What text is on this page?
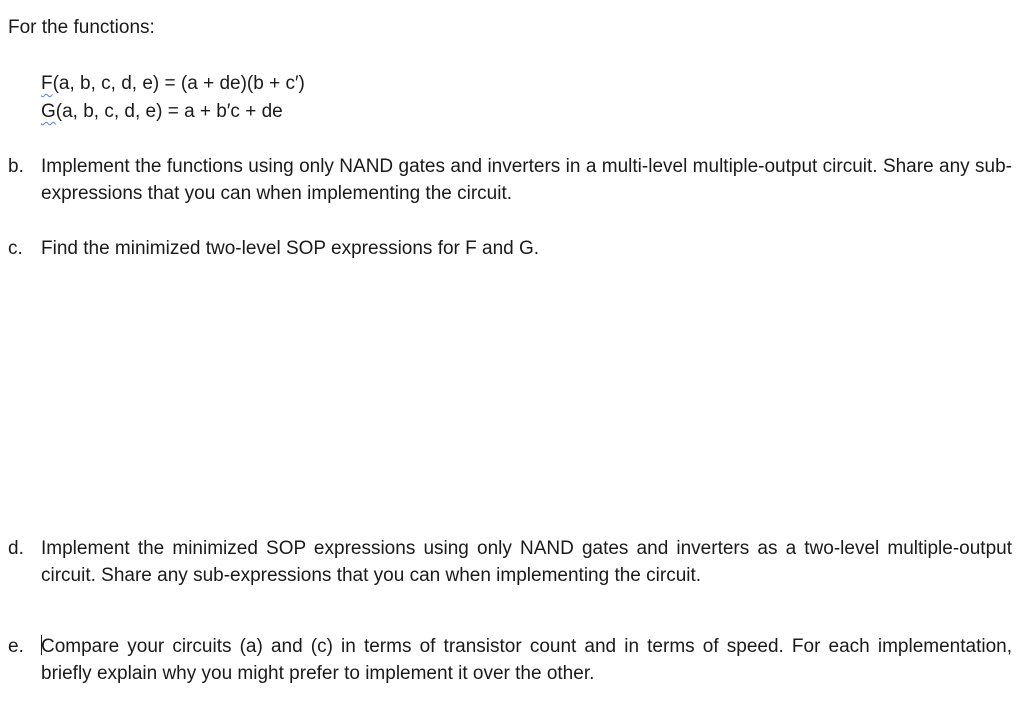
For the functions:
F(a, b, c, d, e) = (a + de)(b + c′)
G(a, b, c, d, e) = a + b′c + de
b. Implement the functions using only NAND gates and inverters in a multi-level multiple-output circuit. Share any sub-expressions that you can when implementing the circuit.
c. Find the minimized two-level SOP expressions for F and G.
d. Implement the minimized SOP expressions using only NAND gates and inverters as a two-level multiple-output circuit. Share any sub-expressions that you can when implementing the circuit.
e. Compare your circuits (a) and (c) in terms of transistor count and in terms of speed. For each implementation, briefly explain why you might prefer to implement it over the other.
